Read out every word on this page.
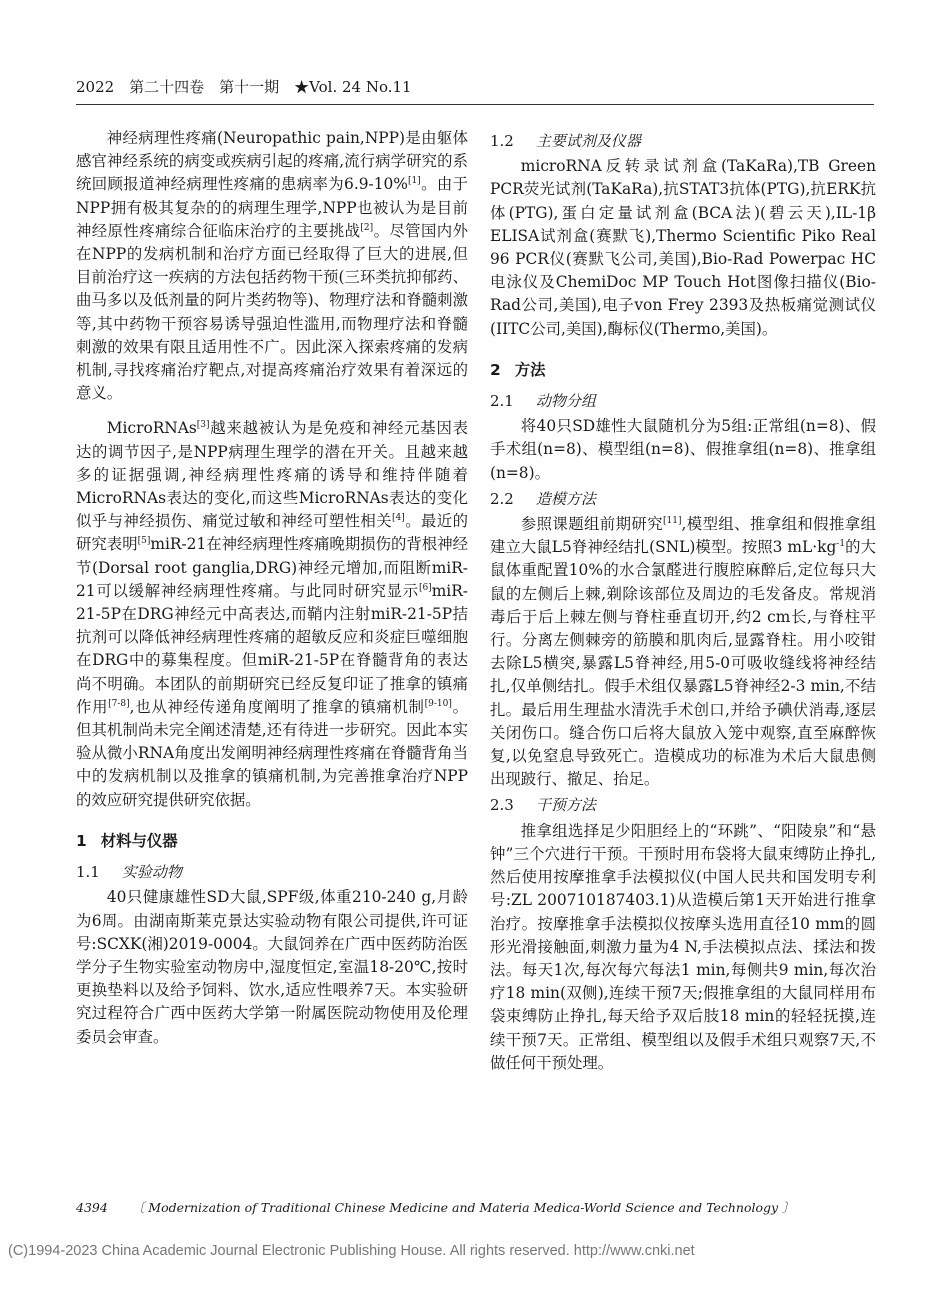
2022　第二十四卷　第十一期　★Vol. 24 No.11

神经病理性疼痛(Neuropathic pain,NPP)是由躯体感官神经系统的病变或疾病引起的疼痛,流行病学研究的系统回顾报道神经病理性疼痛的患病率为6.9-10%[1]。由于NPP拥有极其复杂的的病理生理学,NPP也被认为是目前神经原性疼痛综合征临床治疗的主要挑战[2]。尽管国内外在NPP的发病机制和治疗方面已经取得了巨大的进展,但目前治疗这一疾病的方法包括药物干预(三环类抗抑郁药、曲马多以及低剂量的阿片类药物等)、物理疗法和脊髓刺激等,其中药物干预容易诱导强迫性滥用,而物理疗法和脊髓刺激的效果有限且适用性不广。因此深入探索疼痛的发病机制,寻找疼痛治疗靶点,对提高疼痛治疗效果有着深远的意义。

MicroRNAs[3]越来越被认为是免疫和神经元基因表达的调节因子,是NPP病理生理学的潜在开关。且越来越多的证据强调,神经病理性疼痛的诱导和维持伴随着MicroRNAs表达的变化,而这些MicroRNAs表达的变化似乎与神经损伤、痛觉过敏和神经可塑性相关[4]。最近的研究表明[5]miR-21在神经病理性疼痛晚期损伤的背根神经节(Dorsal root ganglia,DRG)神经元增加,而阻断miR-21可以缓解神经病理性疼痛。与此同时研究显示[6]miR-21-5P在DRG神经元中高表达,而鞘内注射miR-21-5P拮抗剂可以降低神经病理性疼痛的超敏反应和炎症巨噬细胞在DRG中的募集程度。但miR-21-5P在脊髓背角的表达尚不明确。本团队的前期研究已经反复印证了推拿的镇痛作用[7-8],也从神经传递角度阐明了推拿的镇痛机制[9-10]。但其机制尚未完全阐述清楚,还有待进一步研究。因此本实验从微小RNA角度出发阐明神经病理性疼痛在脊髓背角当中的发病机制以及推拿的镇痛机制,为完善推拿治疗NPP的效应研究提供研究依据。

1 材料与仪器
1.1 实验动物

40只健康雄性SD大鼠,SPF级,体重210-240 g,月龄为6周。由湖南斯莱克景达实验动物有限公司提供,许可证号:SCXK(湘)2019-0004。大鼠饲养在广西中医药防治医学分子生物实验室动物房中,湿度恒定,室温18-20℃,按时更换垫料以及给予饲料、饮水,适应性喂养7天。本实验研究过程符合广西中医药大学第一附属医院动物使用及伦理委员会审查。

1.2 主要试剂及仪器

microRNA反转录试剂盒(TaKaRa),TB Green PCR荧光试剂(TaKaRa),抗STAT3抗体(PTG),抗ERK抗体(PTG),蛋白定量试剂盒(BCA法)(碧云天),IL-1β ELISA试剂盒(赛默飞),Thermo Scientific Piko Real 96 PCR仪(赛默飞公司,美国),Bio-Rad Powerpac HC电泳仪及ChemiDoc MP Touch Hot图像扫描仪(Bio-Rad公司,美国),电子von Frey 2393及热板痛觉测试仪(IITC公司,美国),酶标仪(Thermo,美国)。

2 方法
2.1 动物分组

将40只SD雄性大鼠随机分为5组:正常组(n=8)、假手术组(n=8)、模型组(n=8)、假推拿组(n=8)、推拿组(n=8)。

2.2 造模方法

参照课题组前期研究[11],模型组、推拿组和假推拿组建立大鼠L5脊神经结扎(SNL)模型。按照3 $mL\cdot kg^{-1}$的大鼠体重配置10%的水合氯醛进行腹腔麻醉后,定位每只大鼠的左侧后上棘,剃除该部位及周边的毛发备皮。常规消毒后于后上棘左侧与脊柱垂直切开,约2 cm长,与脊柱平行。分离左侧棘旁的筋膜和肌肉后,显露脊柱。用小咬钳去除L5横突,暴露L5脊神经,用5-0可吸收缝线将神经结扎,仅单侧结扎。假手术组仅暴露L5脊神经2-3 min,不结扎。最后用生理盐水清洗手术创口,并给予碘伏消毒,逐层关闭伤口。缝合伤口后将大鼠放入笼中观察,直至麻醉恢复,以免窒息导致死亡。造模成功的标准为术后大鼠患侧出现跛行、撤足、抬足。

2.3 干预方法

推拿组选择足少阳胆经上的“环跳”、“阳陵泉”和“悬钟”三个穴进行干预。干预时用布袋将大鼠束缚防止挣扎,然后使用按摩推拿手法模拟仪(中国人民共和国发明专利号:ZL 200710187403.1)从造模后第1天开始进行推拿治疗。按摩推拿手法模拟仪按摩头选用直径10 mm的圆形光滑接触面,刺激力量为4 N,手法模拟点法、揉法和拨法。每天1次,每次每穴每法1 min,每侧共9 min,每次治疗18 min(双侧),连续干预7天;假推拿组的大鼠同样用布袋束缚防止挣扎,每天给予双后肢18 min的轻轻抚摸,连续干预7天。正常组、模型组以及假手术组只观察7天,不做任何干预处理。

4394 〔 Modernization of Traditional Chinese Medicine and Materia Medica-World Science and Technology 〕
(C)1994-2023 China Academic Journal Electronic Publishing House. All rights reserved. http://www.cnki.net
